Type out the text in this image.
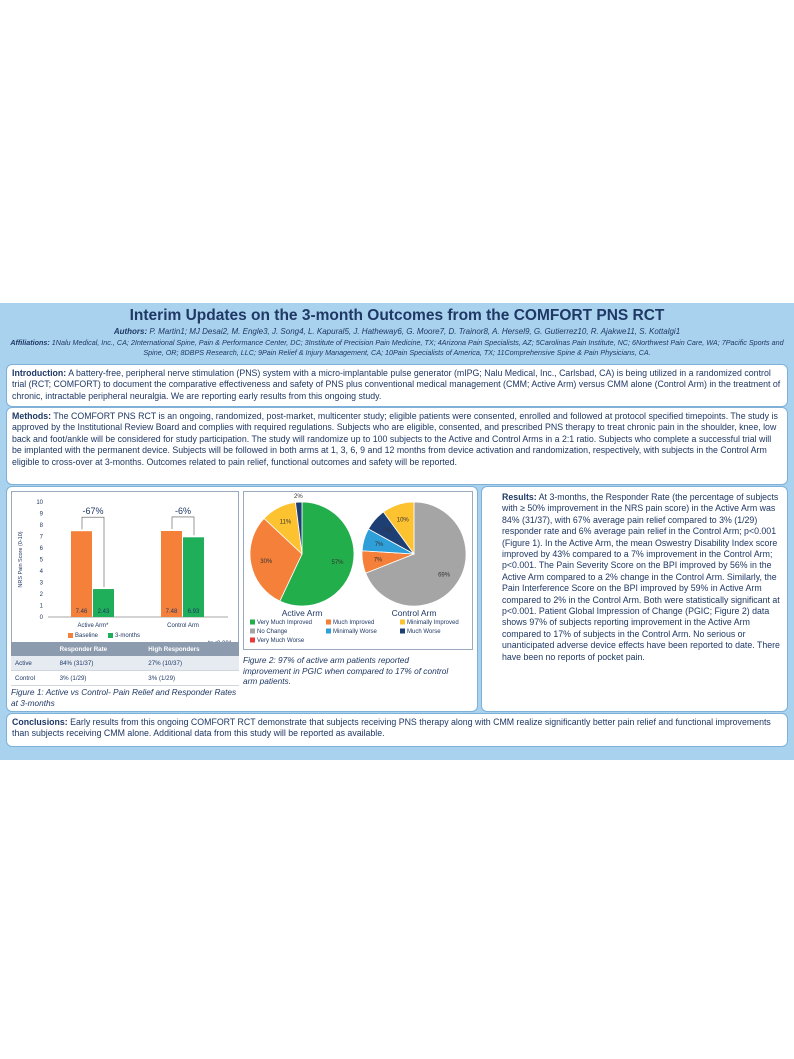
Interim Updates on the 3-month Outcomes from the COMFORT PNS RCT
Authors: P. Martin1; MJ Desai2, M. Engle3, J. Song4, L. Kapural5, J. Hatheway6, G. Moore7, D. Trainor8, A. Hersel9, G. Gutierrez10, R. Ajakwe11, S. Kottalgi1
Affiliations: 1Nalu Medical, Inc., CA; 2International Spine, Pain & Performance Center, DC; 3Institute of Precision Pain Medicine, TX; 4Arizona Pain Specialists, AZ; 5Carolinas Pain Institute, NC; 6Northwest Pain Care, WA; 7Pacific Sports and Spine, OR; 8DBPS Research, LLC; 9Pain Relief & Injury Management, CA; 10Pain Specialists of America, TX; 11Comprehensive Spine & Pain Physicians, CA.
Introduction: A battery-free, peripheral nerve stimulation (PNS) system with a micro-implantable pulse generator (mIPG; Nalu Medical, Inc., Carlsbad, CA) is being utilized in a randomized control trial (RCT; COMFORT) to document the comparative effectiveness and safety of PNS plus conventional medical management (CMM; Active Arm) versus CMM alone (Control Arm) in the treatment of chronic, intractable peripheral neuralgia. We are reporting early results from this ongoing study.
Methods: The COMFORT PNS RCT is an ongoing, randomized, post-market, multicenter study; eligible patients were consented, enrolled and followed at protocol specified timepoints. The study is approved by the Institutional Review Board and complies with required regulations. Subjects who are eligible, consented, and prescribed PNS therapy to treat chronic pain in the shoulder, knee, low back and foot/ankle will be considered for study participation. The study will randomize up to 100 subjects to the Active and Control Arms in a 2:1 ratio. Subjects who complete a successful trial will be implanted with the permanent device. Subjects will be followed in both arms at 1, 3, 6, 9 and 12 months from device activation and randomization, respectively, with subjects in the Control Arm eligible to cross-over at 3-months. Outcomes related to pain relief, functional outcomes and safety will be reported.
NRS Pain Score (0-10)
0
1
2
3
4
5
6
7
8
9
10
7.46 2.43
Active Arm*
-67%
7.48 6.93
Control Arm
-6%
Baseline	3-months
	Responder Rate	High Responders
Active	84% (31/37)	27% (10/37)
Control	3% (1/29)	3% (1/29)
Figure 1: Active vs Control- Pain Relief and Responder Rates at 3-months
57%
30%
11%
2%
Active Arm
69%
7%
7%
7%
10%
Control Arm
Very Much Improved	Much Improved	Minimally Improved
No Change	Minimally Worse	Much Worse
Very Much Worse
Figure 2: 97% of active arm patients reported improvement in PGIC when compared to 17% of control arm patients.
Results: At 3-months, the Responder Rate (the percentage of subjects with ≥ 50% improvement in the NRS pain score) in the Active Arm was 84% (31/37), with 67% average pain relief compared to 3% (1/29) responder rate and 6% average pain relief in the Control Arm; p<0.001 (Figure 1). In the Active Arm, the mean Oswestry Disability Index score improved by 43% compared to a 7% improvement in the Control Arm; p<0.001. The Pain Severity Score on the BPI improved by 56% in the Active Arm compared to a 2% change in the Control Arm. Similarly, the Pain Interference Score on the BPI improved by 59% in Active Arm compared to 2% in the Control Arm. Both were statistically significant at p<0.001. Patient Global Impression of Change (PGIC; Figure 2) data shows 97% of subjects reporting improvement in the Active Arm compared to 17% of subjects in the Control Arm. No serious or unanticipated adverse device effects have been reported to date. There have been no reports of pocket pain.
Conclusions: Early results from this ongoing COMFORT RCT demonstrate that subjects receiving PNS therapy along with CMM realize significantly better pain relief and functional improvements than subjects receiving CMM alone. Additional data from this study will be reported as available.
